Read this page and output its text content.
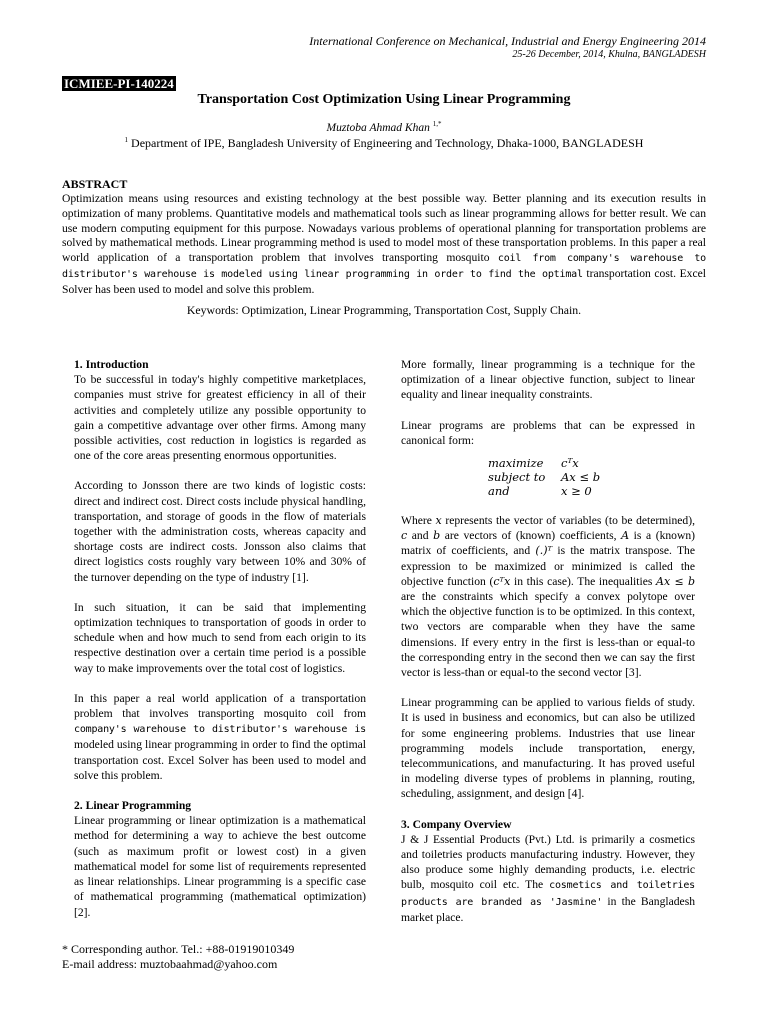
International Conference on Mechanical, Industrial and Energy Engineering 2014
25-26 December, 2014, Khulna, BANGLADESH
ICMIEE-PI-140224
Transportation Cost Optimization Using Linear Programming
Muztoba Ahmad Khan $^{1,*}$
$^1$ Department of IPE, Bangladesh University of Engineering and Technology, Dhaka-1000, BANGLADESH
ABSTRACT
Optimization means using resources and existing technology at the best possible way. Better planning and its execution results in optimization of many problems. Quantitative models and mathematical tools such as linear programming allows for better result. We can use modern computing equipment for this purpose. Nowadays various problems of operational planning for transportation problems are solved by mathematical methods. Linear programming method is used to model most of these transportation problems. In this paper a real world application of a transportation problem that involves transporting mosquito coil from company's warehouse to distributor's warehouse is modeled using linear programming in order to find the optimal transportation cost. Excel Solver has been used to model and solve this problem.
Keywords: Optimization, Linear Programming, Transportation Cost, Supply Chain.

1. Introduction

To be successful in today's highly competitive marketplaces, companies must strive for greatest efficiency in all of their activities and completely utilize any possible opportunity to gain a competitive advantage over other firms. Among many possible activities, cost reduction in logistics is regarded as one of the core areas presenting enormous opportunities.

According to Jonsson there are two kinds of logistic costs: direct and indirect cost. Direct costs include physical handling, transportation, and storage of goods in the flow of materials together with the administration costs, whereas capacity and shortage costs are indirect costs. Jonsson also claims that direct logistics costs roughly vary between 10% and 30% of the turnover depending on the type of industry [1].

In such situation, it can be said that implementing optimization techniques to transportation of goods in order to schedule when and how much to send from each origin to its respective destination over a certain time period is a possible way to make improvements over the total cost of logistics.

In this paper a real world application of a transportation problem that involves transporting mosquito coil from company's warehouse to distributor's warehouse is modeled using linear programming in order to find the optimal transportation cost. Excel Solver has been used to model and solve this problem.

2. Linear Programming

Linear programming or linear optimization is a mathematical method for determining a way to achieve the best outcome (such as maximum profit or lowest cost) in a given mathematical model for some list of requirements represented as linear relationships. Linear programming is a specific case of mathematical programming (mathematical optimization) [2].

More formally, linear programming is a technique for the optimization of a linear objective function, subject to linear equality and linear inequality constraints.

Linear programs are problems that can be expressed in canonical form:

maximize cᵀx
subject to Ax ≤ b
and	x ≥ 0

Where x represents the vector of variables (to be determined), c and b are vectors of (known) coefficients, A is a (known) matrix of coefficients, and (.)ᵀ is the matrix transpose. The expression to be maximized or minimized is called the objective function (cᵀx in this case). The inequalities Ax ≤ b are the constraints which specify a convex polytope over which the objective function is to be optimized. In this context, two vectors are comparable when they have the same dimensions. If every entry in the first is less-than or equal-to the corresponding entry in the second then we can say the first vector is less-than or equal-to the second vector [3].

Linear programming can be applied to various fields of study. It is used in business and economics, but can also be utilized for some engineering problems. Industries that use linear programming models include transportation, energy, telecommunications, and manufacturing. It has proved useful in modeling diverse types of problems in planning, routing, scheduling, assignment, and design [4].

3. Company Overview

J & J Essential Products (Pvt.) Ltd. is primarily a cosmetics and toiletries products manufacturing industry. However, they also produce some highly demanding products, i.e. electric bulb, mosquito coil etc. The cosmetics and toiletries products are branded as 'Jasmine' in the Bangladesh market place.

* Corresponding author. Tel.: +88-01919010349
E-mail address: muztobaahmad@yahoo.com
